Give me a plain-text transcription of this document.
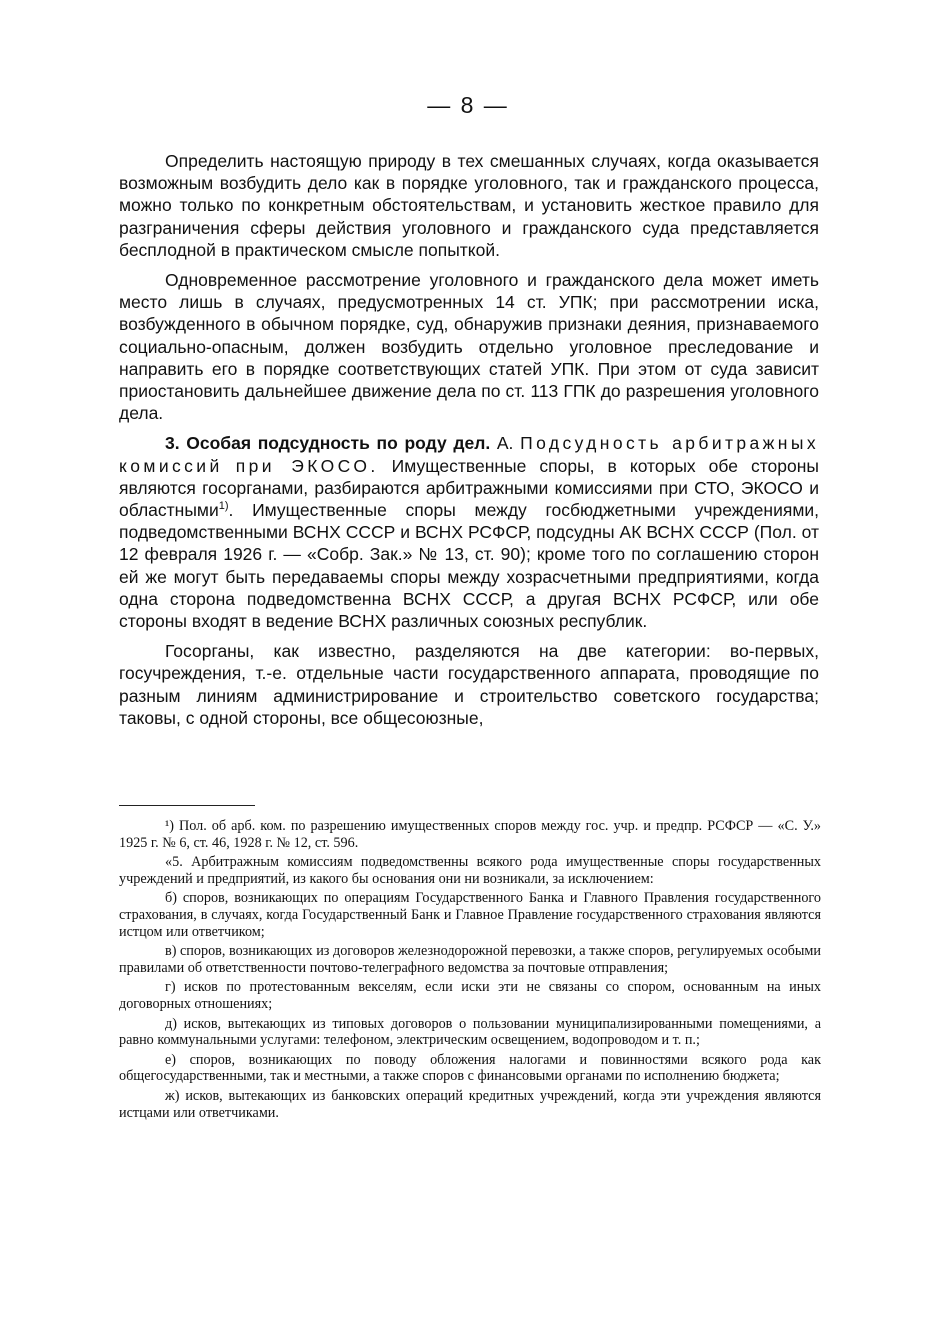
— 8 —

Определить настоящую природу в тех смешанных случаях, когда оказывается возможным возбудить дело как в порядке уголовного, так и гражданского процесса, можно только по конкретным обстоятельствам, и установить жесткое правило для разграничения сферы действия уголовного и гражданского суда представляется бесплодной в практическом смысле попыткой.

Одновременное рассмотрение уголовного и гражданского дела может иметь место лишь в случаях, предусмотренных 14 ст. УПК; при рассмотрении иска, возбужденного в обычном порядке, суд, обнаружив признаки деяния, признаваемого социально-опасным, должен возбудить отдельно уголовное преследование и направить его в порядке соответствующих статей УПК. При этом от суда зависит приостановить дальнейшее движение дела по ст. 113 ГПК до разрешения уголовного дела.

3. Особая подсудность по роду дел. А. Подсудность арбитражных комиссий при ЭКОСО. Имущественные споры, в которых обе стороны являются госорганами, разбираются арбитражными комиссиями при СТО, ЭКОСО и областными$^{1)}$. Имущественные споры между госбюджетными учреждениями, подведомственными ВСНХ СССР и ВСНХ РСФСР, подсудны АК ВСНХ СССР (Пол. от 12 февраля 1926 г. — «Собр. Зак.» № 13, ст. 90); кроме того по соглашению сторон ей же могут быть передаваемы споры между хозрасчетными предприятиями, когда одна сторона подведомственна ВСНХ СССР, а другая ВСНХ РСФСР, или обе стороны входят в ведение ВСНХ различных союзных республик.

Госорганы, как известно, разделяются на две категории: во-первых, госучреждения, т.-е. отдельные части государственного аппарата, проводящие по разным линиям администрирование и строительство советского государства; таковы, с одной стороны, все общесоюзные,

¹) Пол. об арб. ком. по разрешению имущественных споров между гос. учр. и предпр. РСФСР — «С. У.» 1925 г. № 6, ст. 46, 1928 г. № 12, ст. 596.

«5. Арбитражным комиссиям подведомственны всякого рода имущественные споры государственных учреждений и предприятий, из какого бы основания они ни возникали, за исключением:

б) споров, возникающих по операциям Государственного Банка и Главного Правления государственного страхования, в случаях, когда Государственный Банк и Главное Правление государственного страхования являются истцом или ответчиком;

в) споров, возникающих из договоров железнодорожной перевозки, а также споров, регулируемых особыми правилами об ответственности почтово-телеграфного ведомства за почтовые отправления;

г) исков по протестованным векселям, если иски эти не связаны со спором, основанным на иных договорных отношениях;

д) исков, вытекающих из типовых договоров о пользовании муниципализированными помещениями, а равно коммунальными услугами: телефоном, электрическим освещением, водопроводом и т. п.;

е) споров, возникающих по поводу обложения налогами и повинностями всякого рода как общегосударственными, так и местными, а также споров с финансовыми органами по исполнению бюджета;

ж) исков, вытекающих из банковских операций кредитных учреждений, когда эти учреждения являются истцами или ответчиками.
